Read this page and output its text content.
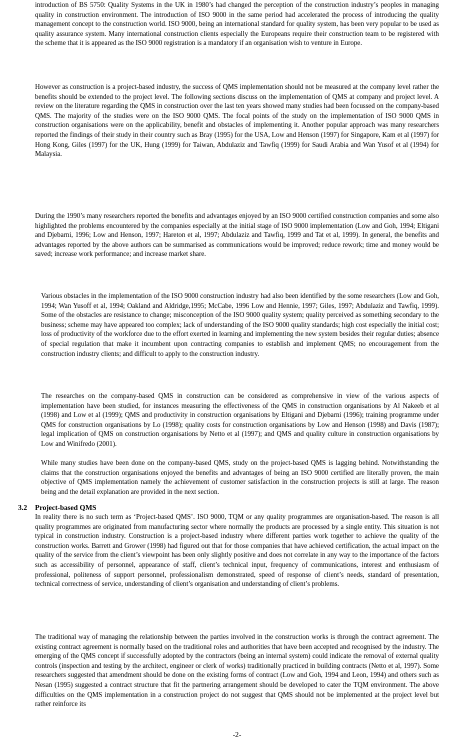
introduction of BS 5750: Quality Systems in the UK in 1980’s had changed the perception of the construction industry’s peoples in managing quality in construction environment. The introduction of ISO 9000 in the same period had accelerated the process of introducing the quality management concept to the construction world. ISO 9000, being an international standard for quality system, has been very popular to be used as quality assurance system. Many international construction clients especially the Europeans require their construction team to be registered with the scheme that it is appeared as the ISO 9000 registration is a mandatory if an organisation wish to venture in Europe.

However as construction is a project-based industry, the success of QMS implementation should not be measured at the company level rather the benefits should be extended to the project level. The following sections discuss on the implementation of QMS at company and project level. A review on the literature regarding the QMS in construction over the last ten years showed many studies had been focussed on the company-based QMS. The majority of the studies were on the ISO 9000 QMS. The focal points of the study on the implementation of ISO 9000 QMS in construction organisations were on the applicability, benefit and obstacles of implementing it. Another popular approach was many researchers reported the findings of their study in their country such as Bray (1995) for the USA, Low and Henson (1997) for Singapore, Kam et al (1997) for Hong Kong, Giles (1997) for the UK, Hung (1999) for Taiwan, Abdulaziz and Tawfiq (1999) for Saudi Arabia and Wan Yusof et al (1994) for Malaysia.

During the 1990’s many researchers reported the benefits and advantages enjoyed by an ISO 9000 certified construction companies and some also highlighted the problems encountered by the companies especially at the initial stage of ISO 9000 implementation (Low and Goh, 1994; Eltigani and Djebarni, 1996; Low and Henson, 1997; Hareton et al, 1997; Abdulaziz and Tawfiq, 1999 and Tat et al, 1999). In general, the benefits and advantages reported by the above authors can be summarised as communications would be improved; reduce rework; time and money would be saved; increase work performance; and increase market share.

Various obstacles in the implementation of the ISO 9000 construction industry had also been identified by the some researchers (Low and Goh, 1994; Wan Yusoff et al, 1994; Oakland and Aldridge,1995; McCabe, 1996 Low and Hennie, 1997; Giles, 1997; Abdulaziz and Tawfiq, 1999). Some of the obstacles are resistance to change; misconception of the ISO 9000 quality system; quality perceived as something secondary to the business; scheme may have appeared too complex; lack of understanding of the ISO 9000 quality standards; high cost especially the initial cost; loss of productivity of the workforce due to the effort exerted in learning and implementing the new system besides their regular duties; absence of special regulation that make it incumbent upon contracting companies to establish and implement QMS; no encouragement from the construction industry clients; and difficult to apply to the construction industry.

The researches on the company-based QMS in construction can be considered as comprehensive in view of the various aspects of implementation have been studied, for instances measuring the effectiveness of the QMS in construction organisations by Al Nakeeb et al (1998) and Low et al (1999); QMS and productivity in construction organisations by Eltigani and Djebarni (1996); training programme under QMS for construction organisations by Lo (1998); quality costs for construction organisations by Low and Henson (1998) and Davis (1987); legal implication of QMS on construction organisations by Netto et al (1997); and QMS and quality culture in construction organisations by Low and Winifredo (2001).

While many studies have been done on the company-based QMS, study on the project-based QMS is lagging behind. Notwithstanding the claims that the construction organisations enjoyed the benefits and advantages of being an ISO 9000 certified are literally proven, the main objective of QMS implementation namely the achievement of customer satisfaction in the construction projects is still at large. The reason being and the detail explanation are provided in the next section.

3.2 Project-based QMS

In reality there is no such term as ‘Project-based QMS’. ISO 9000, TQM or any quality programmes are organisation-based. The reason is all quality programmes are originated from manufacturing sector where normally the products are processed by a single entity. This situation is not typical in construction industry. Construction is a project-based industry where different parties work together to achieve the quality of the construction works. Barrett and Grower (1998) had figured out that for those companies that have achieved certification, the actual impact on the quality of the service from the client’s viewpoint has been only slightly positive and does not correlate in any way to the importance of the factors such as accessibility of personnel, appearance of staff, client’s technical input, frequency of communications, interest and enthusiasm of professional, politeness of support personnel, professionalism demonstrated, speed of response of client’s needs, standard of presentation, technical correctness of service, understanding of client’s organisation and understanding of client’s problems.

The traditional way of managing the relationship between the parties involved in the construction works is through the contract agreement. The existing contract agreement is normally based on the traditional roles and authorities that have been accepted and recognised by the industry. The emerging of the QMS concept if successfully adopted by the contractors (being an internal system) could indicate the removal of external quality controls (inspection and testing by the architect, engineer or clerk of works) traditionally practiced in building contracts (Netto et al, 1997). Some researchers suggested that amendment should be done on the existing forms of contract (Low and Goh, 1994 and Leon, 1994) and others such as Nesan (1995) suggested a contract structure that fit the partnering arrangement should be developed to cater the TQM environment. The above difficulties on the QMS implementation in a construction project do not suggest that QMS should not be implemented at the project level but rather reinforce its

-2-
